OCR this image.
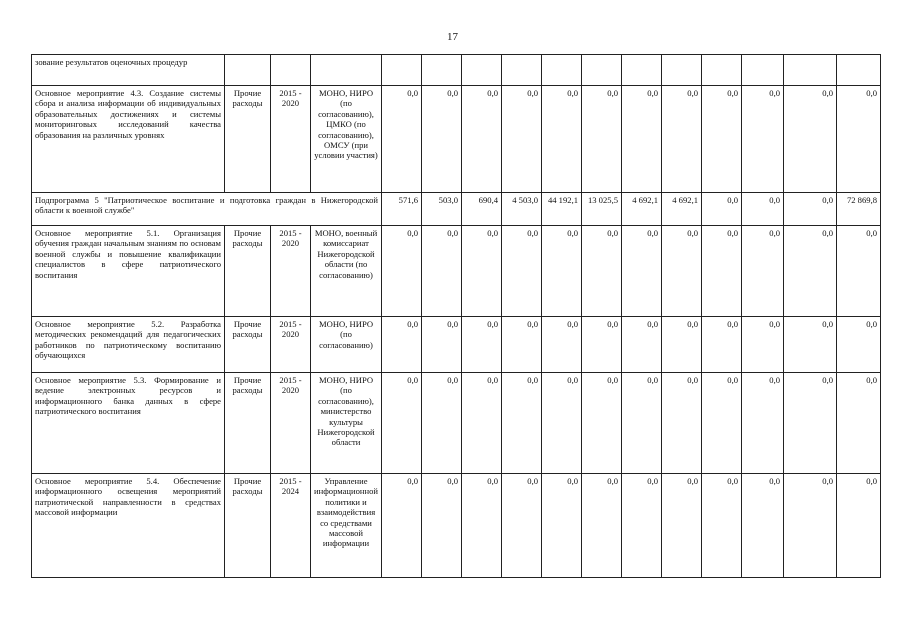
17
зование результатов оценочных процедур															
Основное мероприятие 4.3. Создание системы сбора и анализа информации об индивидуальных образовательных достижениях и системы мониторинговых исследований качества образования на различных уровнях	Прочие расходы	2015 - 2020	МОНО, НИРО (по согласованию), ЦМКО (по согласованию), ОМСУ (при условии участия)	0,0	0,0	0,0	0,0	0,0	0,0	0,0	0,0	0,0	0,0	0,0	0,0
Подпрограмма 5 "Патриотическое воспитание и подготовка граждан в Нижегородской области к военной службе"				571,6	503,0	690,4	4 503,0	44 192,1	13 025,5	4 692,1	4 692,1	0,0	0,0	0,0	72 869,8
Основное мероприятие 5.1. Организация обучения граждан начальным знаниям по основам военной службы и повышение квалификации специалистов в сфере патриотического воспитания	Прочие расходы	2015 - 2020	МОНО, военный комиссариат Нижегородской области (по согласованию)	0,0	0,0	0,0	0,0	0,0	0,0	0,0	0,0	0,0	0,0	0,0	0,0
Основное мероприятие 5.2. Разработка методических рекомендаций для педагогических работников по патриотическому воспитанию обучающихся	Прочие расходы	2015 - 2020	МОНО, НИРО (по согласованию)	0,0	0,0	0,0	0,0	0,0	0,0	0,0	0,0	0,0	0,0	0,0	0,0
Основное мероприятие 5.3. Формирование и ведение электронных ресурсов и информационного банка данных в сфере патриотического воспитания	Прочие расходы	2015 - 2020	МОНО, НИРО (по согласованию), министерство культуры Нижегородской области	0,0	0,0	0,0	0,0	0,0	0,0	0,0	0,0	0,0	0,0	0,0	0,0
Основное мероприятие 5.4. Обеспечение информационного освещения мероприятий патриотической направленности в средствах массовой информации	Прочие расходы	2015 - 2024	Управление информационной политики и взаимодействия со средствами массовой информации	0,0	0,0	0,0	0,0	0,0	0,0	0,0	0,0	0,0	0,0	0,0	0,0
